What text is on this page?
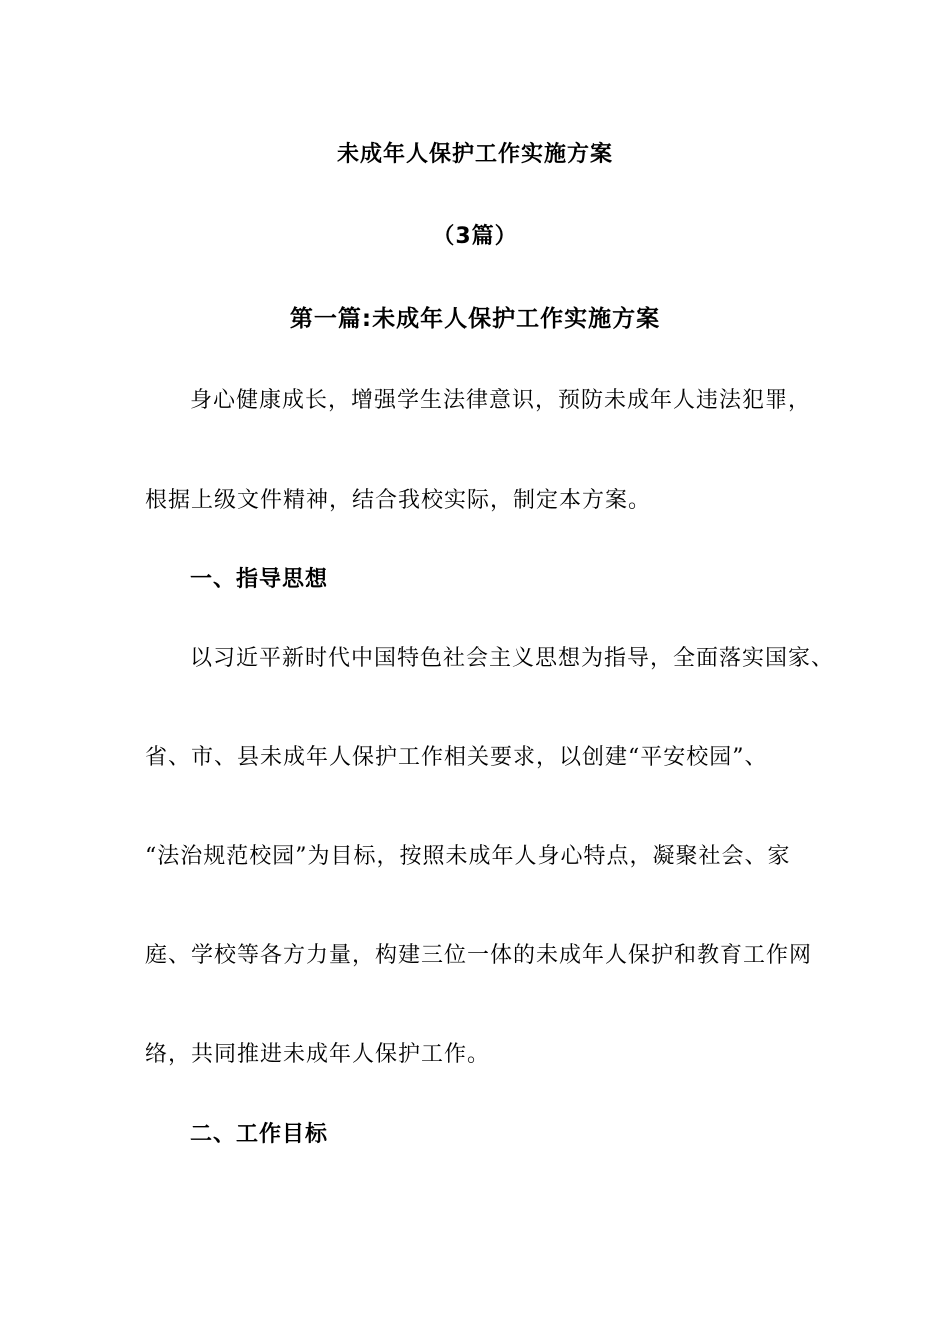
未成年人保护工作实施方案
（3篇）
第一篇:未成年人保护工作实施方案
身心健康成长，增强学生法律意识，预防未成年人违法犯罪，
根据上级文件精神，结合我校实际，制定本方案。
一、指导思想
以习近平新时代中国特色社会主义思想为指导，全面落实国家、
省、市、县未成年人保护工作相关要求，以创建“平安校园”、
“法治规范校园”为目标，按照未成年人身心特点，凝聚社会、家
庭、学校等各方力量，构建三位一体的未成年人保护和教育工作网
络，共同推进未成年人保护工作。
二、工作目标
